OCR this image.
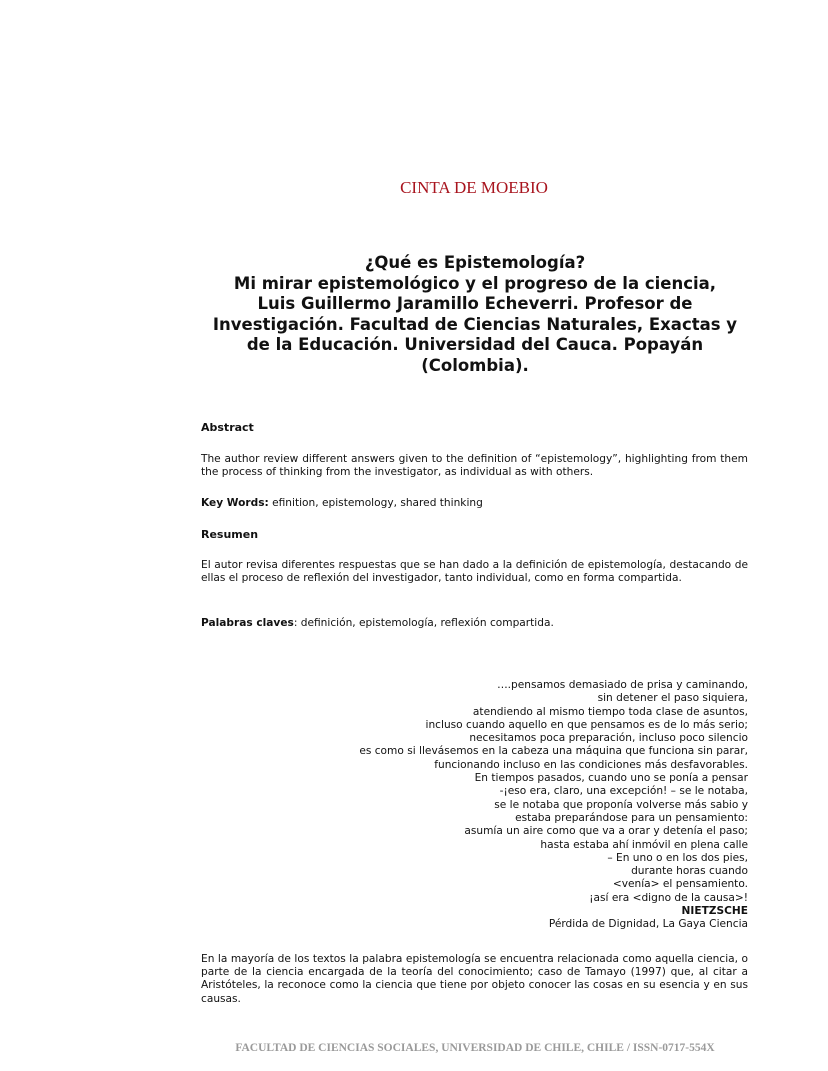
CINTA DE MOEBIO
¿Qué es Epistemología?
Mi mirar epistemológico y el progreso de la ciencia,
Luis Guillermo Jaramillo Echeverri. Profesor de
Investigación. Facultad de Ciencias Naturales, Exactas y
de la Educación. Universidad del Cauca. Popayán
(Colombia).
Abstract
The author review different answers given to the definition of “epistemology”, highlighting from them the process of thinking from the investigator, as individual as with others.
Key Words: efinition, epistemology, shared thinking
Resumen
El autor revisa diferentes respuestas que se han dado a la definición de epistemología, destacando de ellas el proceso de reflexión del investigador, tanto individual, como en forma compartida.
Palabras claves: definición, epistemología, reflexión compartida.
….pensamos demasiado de prisa y caminando,
sin detener el paso siquiera,
atendiendo al mismo tiempo toda clase de asuntos,
incluso cuando aquello en que pensamos es de lo más serio;
necesitamos poca preparación, incluso poco silencio
es como si llevásemos en la cabeza una máquina que funciona sin parar,
funcionando incluso en las condiciones más desfavorables.
En tiempos pasados, cuando uno se ponía a pensar
-¡eso era, claro, una excepción! – se le notaba,
se le notaba que proponía volverse más sabio y
estaba preparándose para un pensamiento:
asumía un aire como que va a orar y detenía el paso;
hasta estaba ahí inmóvil en plena calle
– En uno o en los dos pies,
durante horas cuando
<venía> el pensamiento.
¡así era <digno de la causa>!
NIETZSCHE
Pérdida de Dignidad, La Gaya Ciencia
En la mayoría de los textos la palabra epistemología se encuentra relacionada como aquella ciencia, o parte de la ciencia encargada de la teoría del conocimiento; caso de Tamayo (1997) que, al citar a Aristóteles, la reconoce como la ciencia que tiene por objeto conocer las cosas en su esencia y en sus causas.
FACULTAD DE CIENCIAS SOCIALES, UNIVERSIDAD DE CHILE, CHILE / ISSN-0717-554X
